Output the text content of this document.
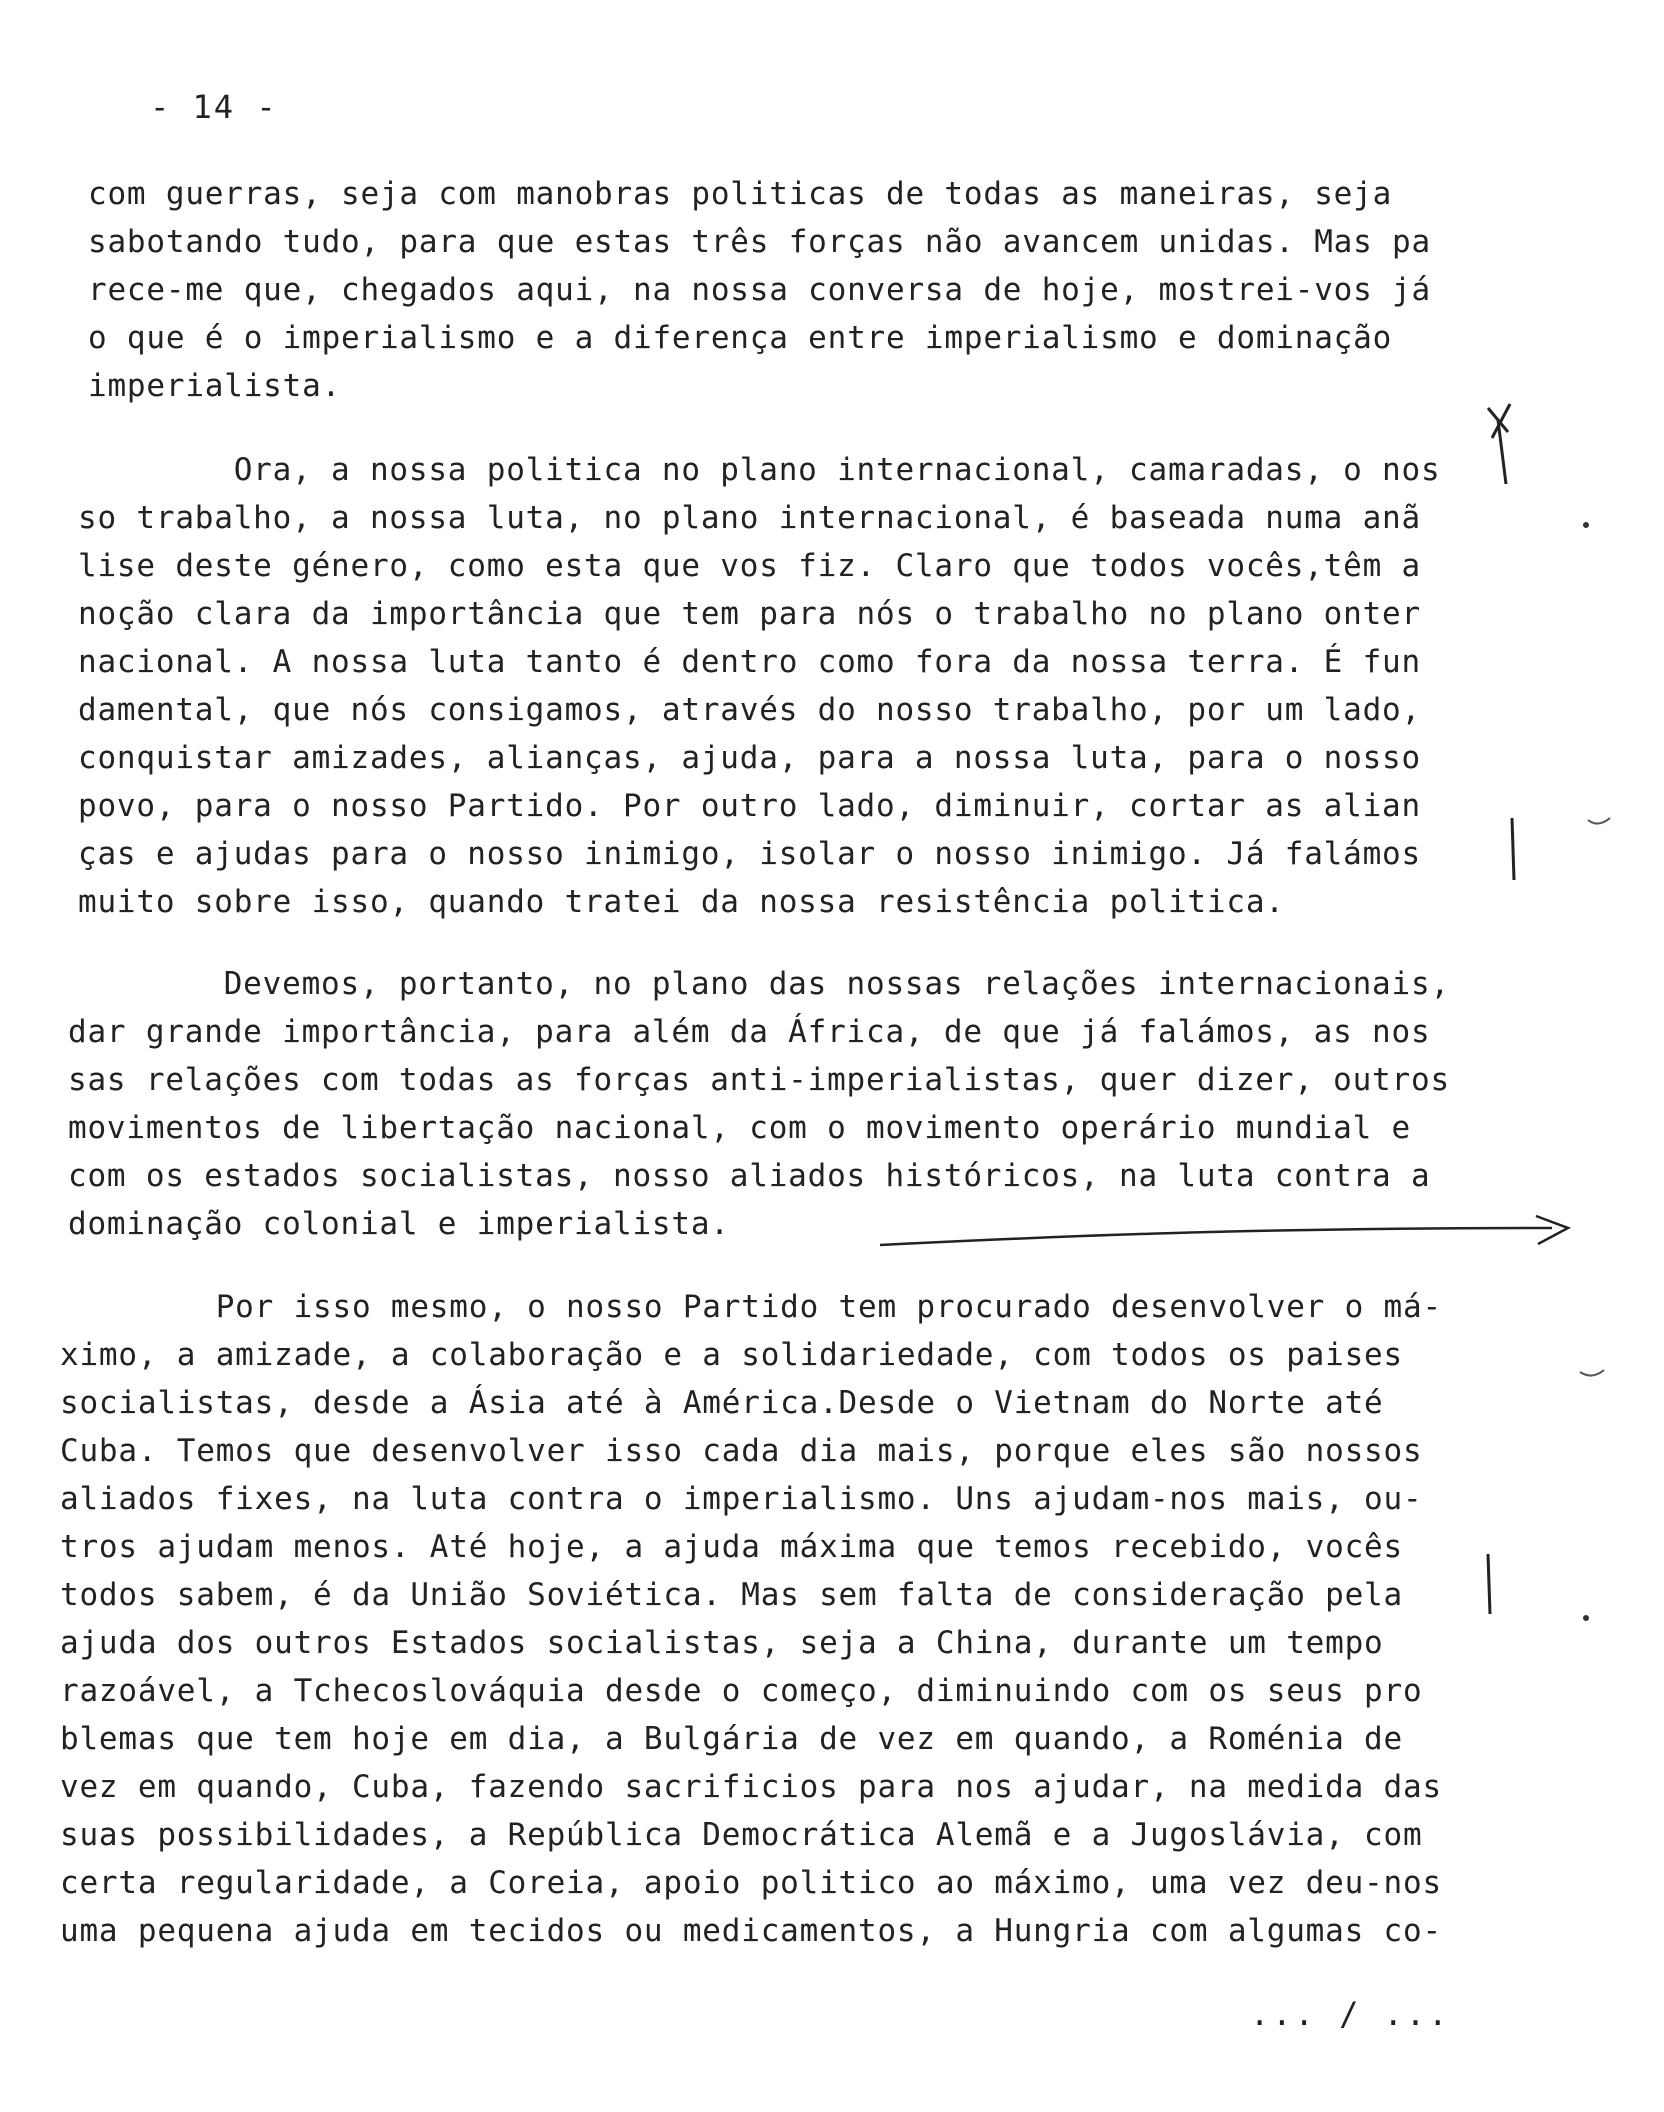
- 14 -
com guerras, seja com manobras politicas de todas as maneiras, seja
sabotando tudo, para que estas três forças não avancem unidas. Mas pa
rece-me que, chegados aqui, na nossa conversa de hoje, mostrei-vos já
o que é o imperialismo e a diferença entre imperialismo e dominação
imperialista.
Ora, a nossa politica no plano internacional, camaradas, o nos
so trabalho, a nossa luta, no plano internacional, é baseada numa anã
lise deste género, como esta que vos fiz. Claro que todos vocês,têm a
noção clara da importância que tem para nós o trabalho no plano onter
nacional. A nossa luta tanto é dentro como fora da nossa terra. É fun
damental, que nós consigamos, através do nosso trabalho, por um lado,
conquistar amizades, alianças, ajuda, para a nossa luta, para o nosso
povo, para o nosso Partido. Por outro lado, diminuir, cortar as alian
ças e ajudas para o nosso inimigo, isolar o nosso inimigo. Já falámos
muito sobre isso, quando tratei da nossa resistência politica.
Devemos, portanto, no plano das nossas relações internacionais,
dar grande importância, para além da África, de que já falámos, as nos
sas relações com todas as forças anti-imperialistas, quer dizer, outros
movimentos de libertação nacional, com o movimento operário mundial e
com os estados socialistas, nosso aliados históricos, na luta contra a
dominação colonial e imperialista.
Por isso mesmo, o nosso Partido tem procurado desenvolver o má-
ximo, a amizade, a colaboração e a solidariedade, com todos os paises
socialistas, desde a Ásia até à América.Desde o Vietnam do Norte até
Cuba. Temos que desenvolver isso cada dia mais, porque eles são nossos
aliados fixes, na luta contra o imperialismo. Uns ajudam-nos mais, ou-
tros ajudam menos. Até hoje, a ajuda máxima que temos recebido, vocês
todos sabem, é da União Soviética. Mas sem falta de consideração pela
ajuda dos outros Estados socialistas, seja a China, durante um tempo
razoável, a Tchecoslováquia desde o começo, diminuindo com os seus pro
blemas que tem hoje em dia, a Bulgária de vez em quando, a Roménia de
vez em quando, Cuba, fazendo sacrificios para nos ajudar, na medida das
suas possibilidades, a República Democrática Alemã e a Jugoslávia, com
certa regularidade, a Coreia, apoio politico ao máximo, uma vez deu-nos
uma pequena ajuda em tecidos ou medicamentos, a Hungria com algumas co-
... / ...
